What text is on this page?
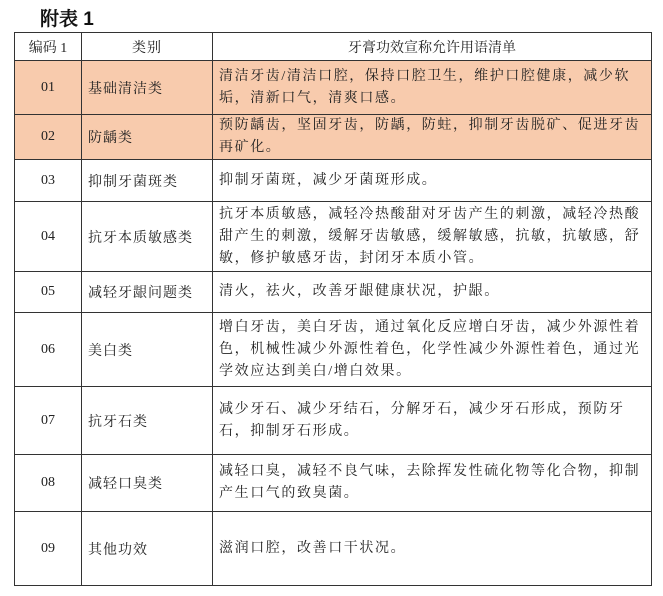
附表 1
编码 1	类别	牙膏功效宣称允许用语清单
01	基础清洁类	清洁牙齿/清洁口腔，保持口腔卫生，维护口腔健康，减少软垢，清新口气，清爽口感。
02	防龋类	预防龋齿，坚固牙齿，防龋，防蛀，抑制牙齿脱矿、促进牙齿再矿化。
03	抑制牙菌斑类	抑制牙菌斑，减少牙菌斑形成。
04	抗牙本质敏感类	抗牙本质敏感，减轻冷热酸甜对牙齿产生的刺激，减轻冷热酸甜产生的刺激，缓解牙齿敏感，缓解敏感，抗敏，抗敏感，舒敏，修护敏感牙齿，封闭牙本质小管。
05	减轻牙龈问题类	清火，祛火，改善牙龈健康状况，护龈。
06	美白类	增白牙齿，美白牙齿，通过氧化反应增白牙齿，减少外源性着色，机械性减少外源性着色，化学性减少外源性着色，通过光学效应达到美白/增白效果。
07	抗牙石类	减少牙石、减少牙结石，分解牙石，减少牙石形成，预防牙石，抑制牙石形成。
08	减轻口臭类	减轻口臭，减轻不良气味，去除挥发性硫化物等化合物，抑制产生口气的致臭菌。
09	其他功效	滋润口腔，改善口干状况。
